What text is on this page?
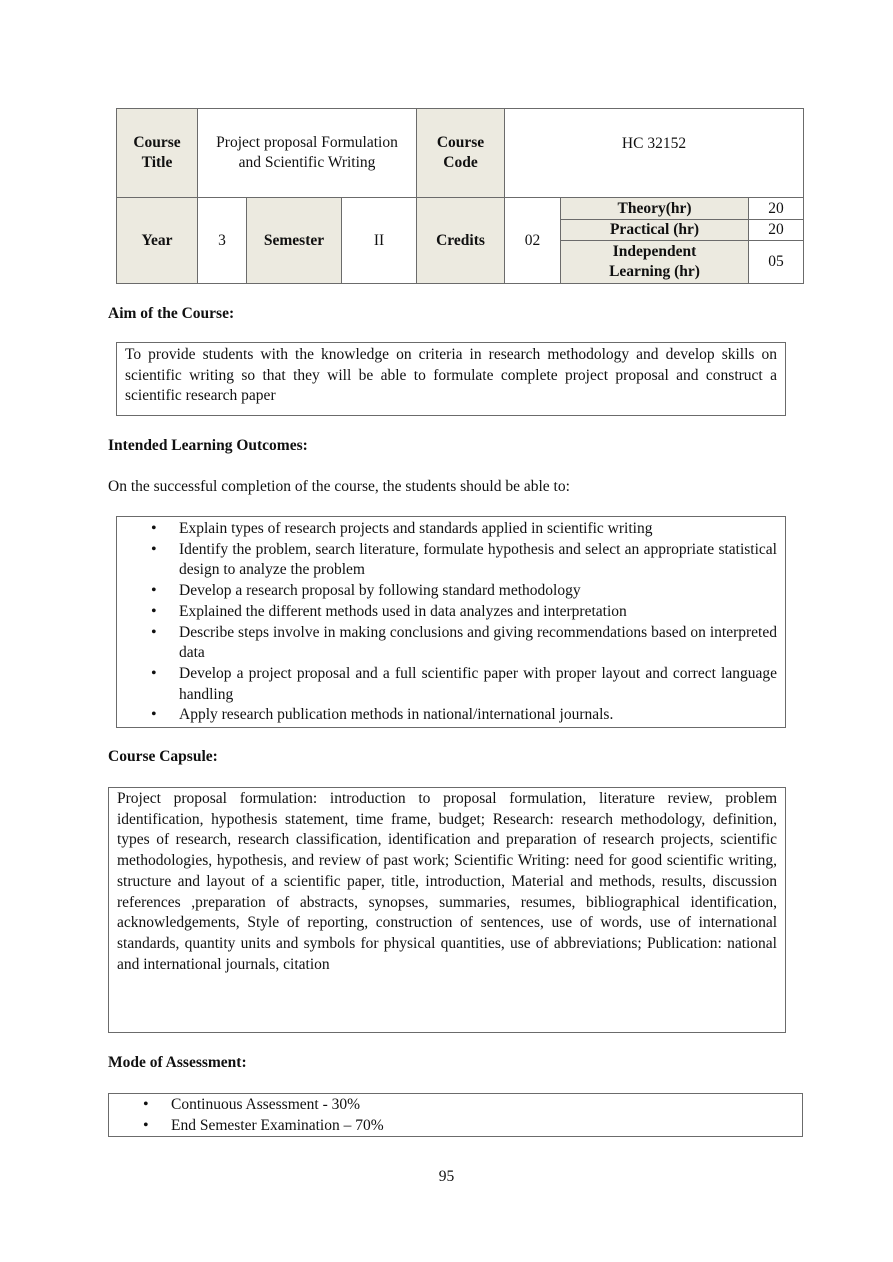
Course Title	Project proposal Formulation and Scientific Writing			Course Code	HC 32152		
Year	3	Semester	II	Credits	02	Theory(hr)	20
						Practical (hr)	20
						Independent Learning (hr)	05
Aim of the Course:

To provide students with the knowledge on criteria in research methodology and develop skills on scientific writing so that they will be able to formulate complete project proposal and construct a scientific research paper

Intended Learning Outcomes:
On the successful completion of the course, the students should be able to:
• Explain types of research projects and standards applied in scientific writing
• Identify the problem, search literature, formulate hypothesis and select an appropriate statistical design to analyze the problem
• Develop a research proposal by following standard methodology
• Explained the different methods used in data analyzes and interpretation
• Describe steps involve in making conclusions and giving recommendations based on interpreted data
• Develop a project proposal and a full scientific paper with proper layout and correct language handling
• Apply research publication methods in national/international journals.
Course Capsule:

Project proposal formulation: introduction to proposal formulation, literature review, problem identification, hypothesis statement, time frame, budget; Research: research methodology, definition, types of research, research classification, identification and preparation of research projects, scientific methodologies, hypothesis, and review of past work; Scientific Writing: need for good scientific writing, structure and layout of a scientific paper, title, introduction, Material and methods, results, discussion references ,preparation of abstracts, synopses, summaries, resumes, bibliographical identification, acknowledgements, Style of reporting, construction of sentences, use of words, use of international standards, quantity units and symbols for physical quantities, use of abbreviations; Publication: national and international journals, citation

Mode of Assessment:
• Continuous Assessment - 30%
• End Semester Examination – 70%
95
